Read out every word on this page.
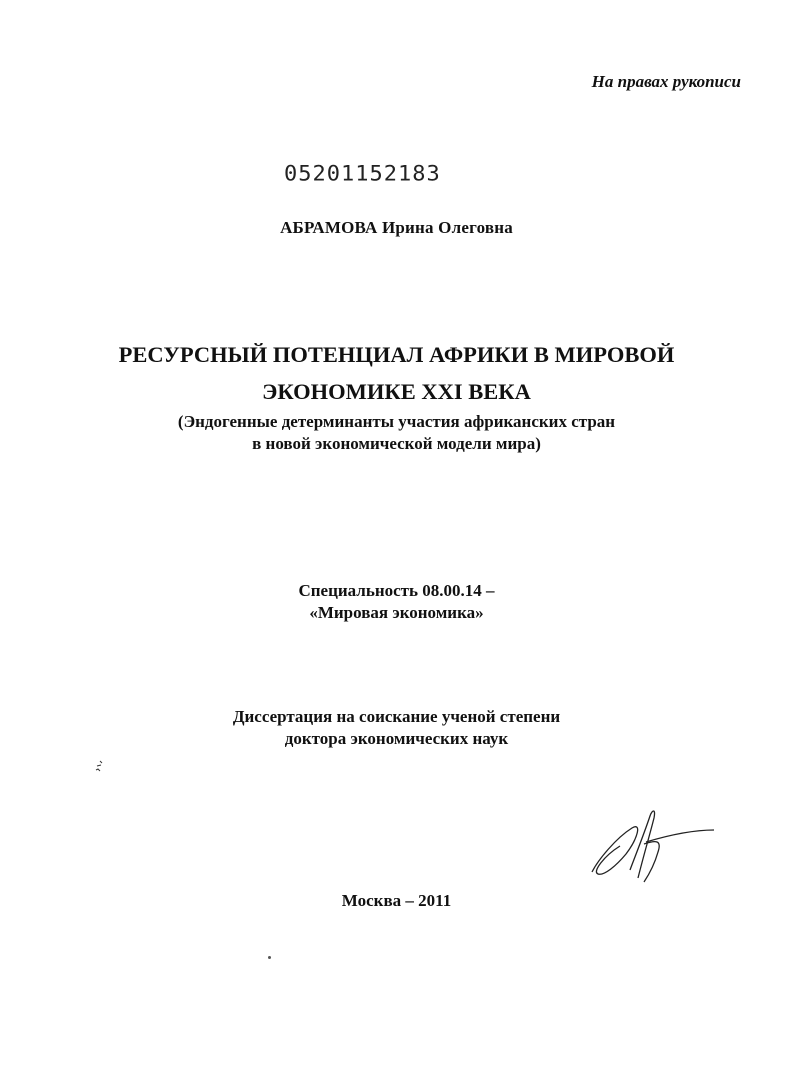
На правах рукописи
05201152183
АБРАМОВА Ирина Олеговна
РЕСУРСНЫЙ ПОТЕНЦИАЛ АФРИКИ В МИРОВОЙ
ЭКОНОМИКЕ XXI ВЕКА
(Эндогенные детерминанты участия африканских стран
в новой экономической модели мира)
Специальность 08.00.14 –
«Мировая экономика»
Диссертация на соискание ученой степени
доктора экономических наук
Москва – 2011
